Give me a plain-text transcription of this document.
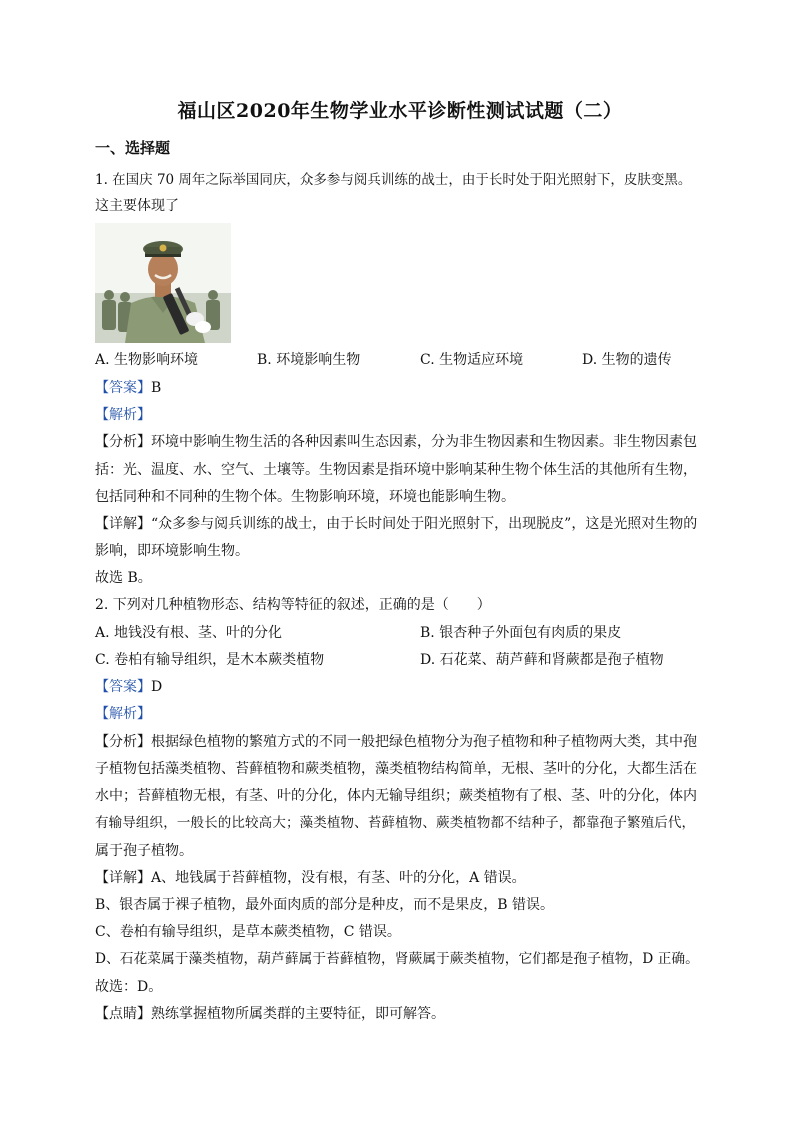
福山区2020年生物学业水平诊断性测试试题（二）
一、选择题
1. 在国庆 70 周年之际举国同庆，众多参与阅兵训练的战士，由于长时处于阳光照射下，皮肤变黑。
这主要体现了
A. 生物影响环境	B. 环境影响生物	C. 生物适应环境	D. 生物的遗传
【答案】B
【解析】
【分析】环境中影响生物生活的各种因素叫生态因素，分为非生物因素和生物因素。非生物因素包
括：光、温度、水、空气、土壤等。生物因素是指环境中影响某种生物个体生活的其他所有生物，
包括同种和不同种的生物个体。生物影响环境，环境也能影响生物。
【详解】“众多参与阅兵训练的战士，由于长时间处于阳光照射下，出现脱皮”，这是光照对生物的
影响，即环境影响生物。
故选 B。
2. 下列对几种植物形态、结构等特征的叙述，正确的是（　　）
A. 地钱没有根、茎、叶的分化	B. 银杏种子外面包有肉质的果皮
C. 卷柏有输导组织，是木本蕨类植物	D. 石花菜、葫芦藓和肾蕨都是孢子植物
【答案】D
【解析】
【分析】根据绿色植物的繁殖方式的不同一般把绿色植物分为孢子植物和种子植物两大类，其中孢
子植物包括藻类植物、苔藓植物和蕨类植物，藻类植物结构简单，无根、茎叶的分化，大都生活在
水中；苔藓植物无根，有茎、叶的分化，体内无输导组织；蕨类植物有了根、茎、叶的分化，体内
有输导组织，一般长的比较高大；藻类植物、苔藓植物、蕨类植物都不结种子，都靠孢子繁殖后代，
属于孢子植物。
【详解】A、地钱属于苔藓植物，没有根，有茎、叶的分化，A 错误。
B、银杏属于裸子植物，最外面肉质的部分是种皮，而不是果皮，B 错误。
C、卷柏有输导组织，是草本蕨类植物，C 错误。
D、石花菜属于藻类植物，葫芦藓属于苔藓植物，肾蕨属于蕨类植物，它们都是孢子植物，D 正确。
故选：D。
【点睛】熟练掌握植物所属类群的主要特征，即可解答。
